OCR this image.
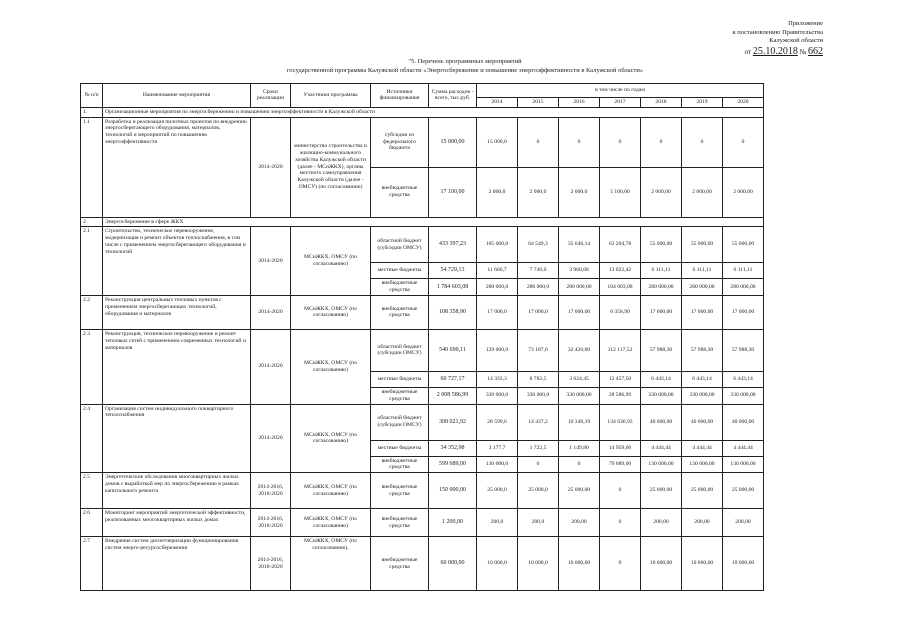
Приложение
к постановлению Правительства
Калужской области
от 25.10.2018 № 662
"5. Перечень программных мероприятий
государственной программы Калужской области «Энергосбережение и повышение энергоэффективности в Калужской области»
№ п/п	Наименование мероприятия	Сроки реализации	Участники программы	Источники финансирования	Сумма расходов - всего, тыс.руб.	в том числе по годам						
						2014	2015	2016	2017	2018	2019	2020
1.	Организационные мероприятия по энергосбережению и повышению энергоэффективности в Калужской области											
1.1	Разработка и реализация пилотных проектов по внедрению энергосберегающего оборудования, материалов, технологий и мероприятий по повышению энергоэффективности	2014-2020	министерство строительства и жилищно-коммунального хозяйства Калужской области (далее - МСиЖКХ), органы местного самоуправления Калужской области (далее - ОМСУ) (по согласованию)	субсидии из федерального бюджета	15 000,00	15 000,0	0	0	0	0	0	0
				внебюджетные средства	17 100,00	2 000,0	2 000,0	2 000,0	5 100,00	2 000,00	2 000,00	2 000,00
2.	Энергосбережение в сфере ЖКХ											
2.1	Строительство, техническое перевооружение, модернизация и ремонт объектов теплоснабжения, в том числе с применением энергосберегающего оборудования и технологий	2014-2020	МСиЖКХ, ОМСУ (по согласованию)	областной бюджет (субсидии ОМСУ)	433 397,23	105 000,0	64 549,3	35 646,14	63 204,78	55 000,00	55 000,00	55 000,00
				местные бюджеты	54 729,13	11 666,7	7 746,0	3 960,68	13 022,42	6 111,11	6 111,11	6 111,11
				внебюджетные средства	1 784 603,08	280 000,0	280 000,0	280 000,00	104 603,08	280 000,00	280 000,00	280 000,00
2.2	Реконструкция центральных тепловых пунктов с применением энергосберегающих технологий, оборудования и материалов	2014-2020	МСиЖКХ, ОМСУ (по согласованию)	внебюджетные средства	108 358,90	17 000,0	17 000,0	17 000,00	6 358,90	17 000,00	17 000,00	17 000,00
2.3	Реконструкция, техническое перевооружение и ремонт тепловых сетей с применением современных технологий и материалов	2014-2020	МСиЖКХ, ОМСУ (по согласованию)	областной бюджет (субсидии ОМСУ)	540 690,11	129 000,0	73 187,6	32 420,00	112 117,52	57 988,30	57 988,30	57 988,30
				местные бюджеты	60 727,17	14 333,3	8 782,5	3 624,45	12 457,50	6 443,14	6 443,14	6 443,14
				внебюджетные средства	2 008 586,99	330 000,0	330 000,0	330 000,00	28 586,99	330 000,00	330 000,00	330 000,00
2.4	Организация систем индивидуального поквартирного теплоснабжения	2014-2020	МСиЖКХ, ОМСУ (по согласованию)	областной бюджет (субсидии ОМСУ)	308 021,92	28 599,6	14 437,2	10 348,19	134 636,93	40 000,00	40 000,00	40 000,00
				местные бюджеты	34 352,98	3 177,7	1 722,5	1 149,80	14 959,66	4 444,44	4 444,44	4 444,44
				внебюджетные средства	599 689,00	130 000,0	0	0	79 689,00	130 000,00	130 000,00	130 000,00
2.5	Энергетические обследования многоквартирных жилых домов с выработкой мер по энергосбережению в рамках капитального ремонта	2014-2016, 2018-2020	МСиЖКХ, ОМСУ (по согласованию)	внебюджетные средства	150 000,00	25 000,0	25 000,0	25 000,00	0	25 000,00	25 000,00	25 000,00
2.6	Мониторинг мероприятий энергетической эффективности, реализованных многоквартирных жилых домах	2014-2016, 2018-2020	МСиЖКХ, ОМСУ (по согласованию)	внебюджетные средства	1 200,00	200,0	200,0	200,00	0	200,00	200,00	200,00
2.7	Внедрение систем диспетчеризации функционирования систем энерго-ресурсосбережения	2014-2016, 2018-2020	МСиЖКХ, ОМСУ (по согласованию),	внебюджетные средства	60 000,00	10 000,0	10 000,0	10 000,00	0	10 000,00	10 000,00	10 000,00
